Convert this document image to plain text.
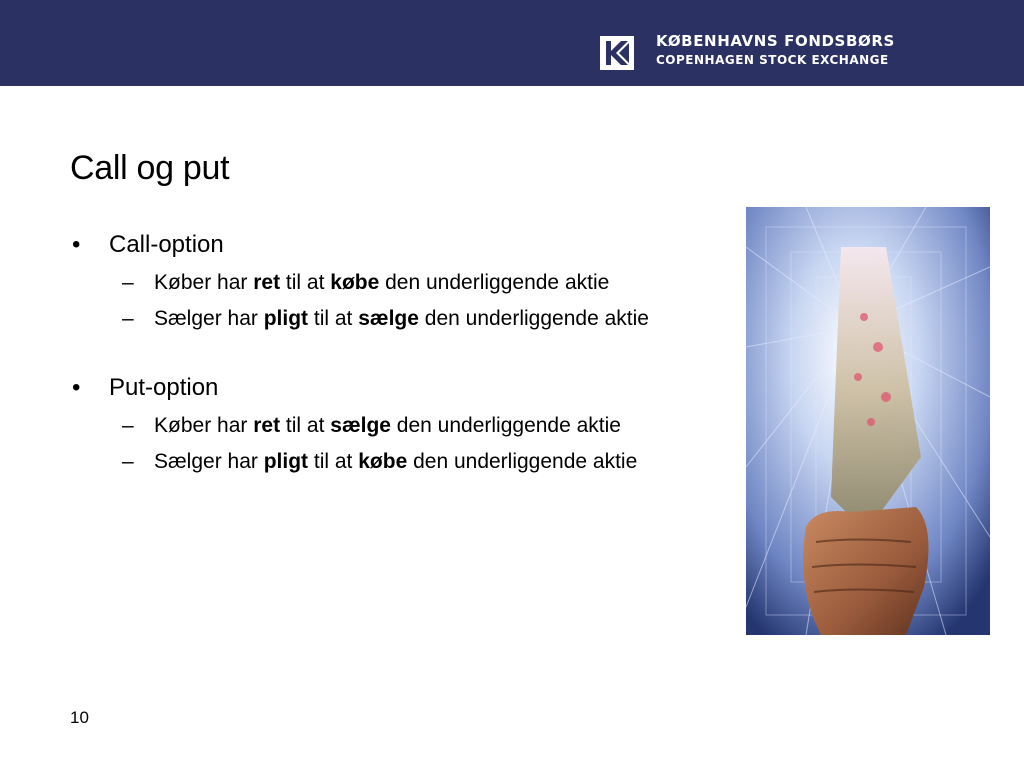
KØBENHAVNS FONDSBØRS
COPENHAGEN STOCK EXCHANGE
Call og put
• Call-option
– Køber har ret til at købe den underliggende aktie
– Sælger har pligt til at sælge den underliggende aktie
• Put-option
– Køber har ret til at sælge den underliggende aktie
– Sælger har pligt til at købe den underliggende aktie
10
